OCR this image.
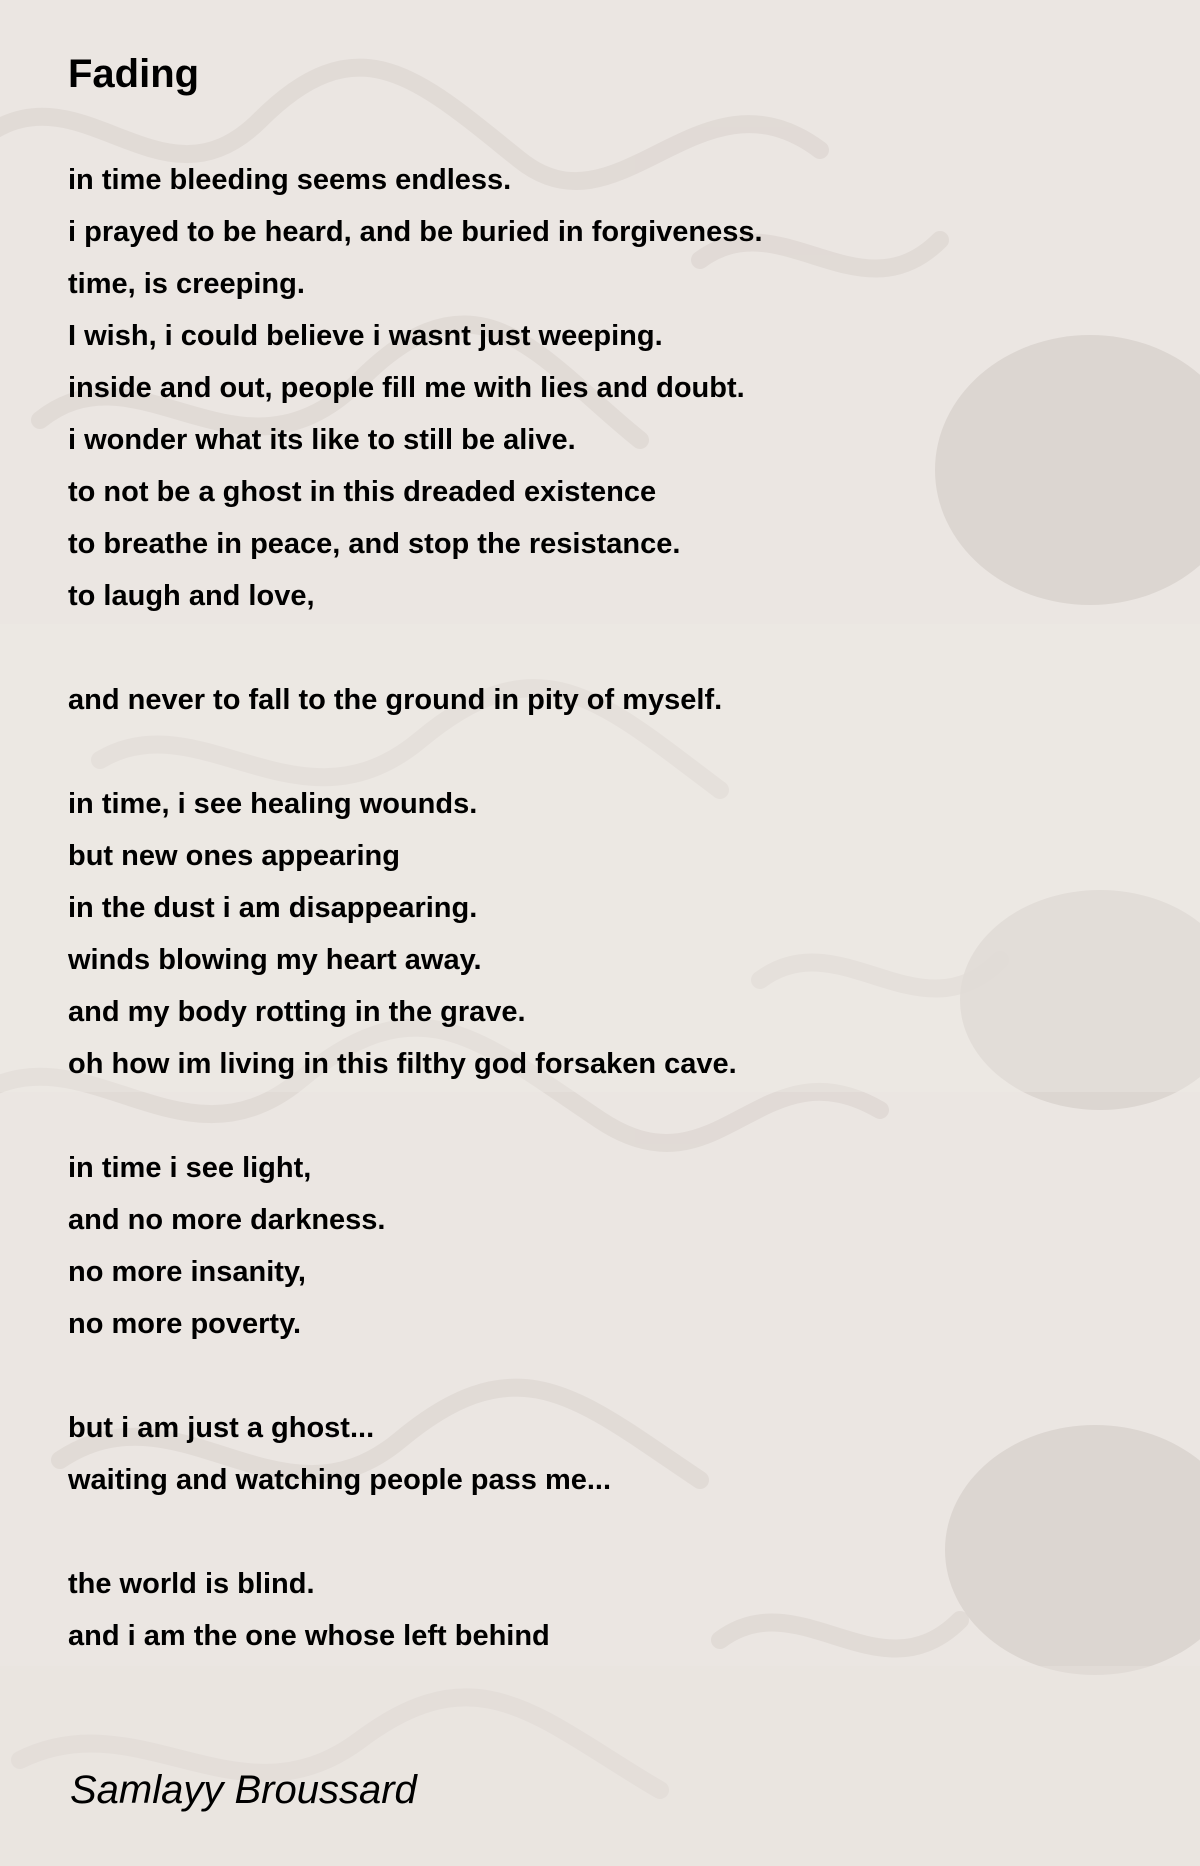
Fading
in time bleeding seems endless.
i prayed to be heard, and be buried in forgiveness.
time, is creeping.
I wish, i could believe i wasnt just weeping.
inside and out, people fill me with lies and doubt.
i wonder what its like to still be alive.
to not be a ghost in this dreaded existence
to breathe in peace, and stop the resistance.
to laugh and love,
and never to fall to the ground in pity of myself.
in time, i see healing wounds.
but new ones appearing
in the dust i am disappearing.
winds blowing my heart away.
and my body rotting in the grave.
oh how im living in this filthy god forsaken cave.
in time i see light,
and no more darkness.
no more insanity,
no more poverty.
but i am just a ghost...
waiting and watching people pass me...
the world is blind.
and i am the one whose left behind
Samlayy Broussard
